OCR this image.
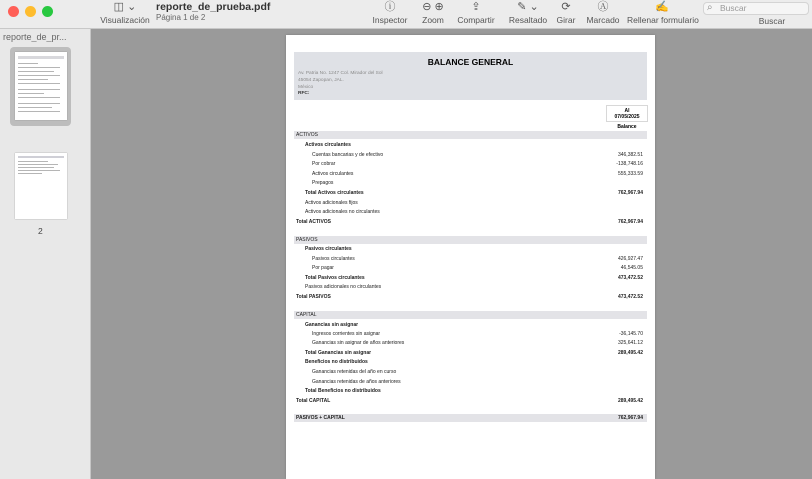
◫ ⌄
Visualización
reporte_de_prueba.pdf
Página 1 de 2
ⓘ
Inspector
⊖ ⊕
Zoom
⇪
Compartir
✎ ⌄
Resaltado
⟳
Girar
Ⓐ
Marcado
✍
Rellenar formulario
⌕ Buscar
Buscar
reporte_de_pr...
2
BALANCE GENERAL
Av. Patria No. 1247 Col. Mirador del Sol
45054 Zapopan, JAL.
México
RFC:
Al
07/05/2025
Balance
ACTIVOS
Activos circulantes
Cuentas bancarias y de efectivo	346,382.51
Por cobrar	-138,748.16
Activos circulantes	555,333.59
Prepagos
Total Activos circulantes	762,967.94
Activos adicionales fijos
Activos adicionales no circulantes
Total ACTIVOS	762,967.94
PASIVOS
Pasivos circulantes
Pasivos circulantes	426,927.47
Por pagar	46,545.05
Total Pasivos circulantes	473,472.52
Pasivos adicionales no circulantes
Total PASIVOS	473,472.52
CAPITAL
Ganancias sin asignar
Ingresos corrientes sin asignar	-36,145.70
Ganancias sin asignar de años anteriores	325,641.12
Total Ganancias sin asignar	289,495.42
Beneficios no distribuidos
Ganancias retenidas del año en curso
Ganancias retenidas de años anteriores
Total Beneficios no distribuidos
Total CAPITAL	289,495.42
PASIVOS + CAPITAL	762,967.94
